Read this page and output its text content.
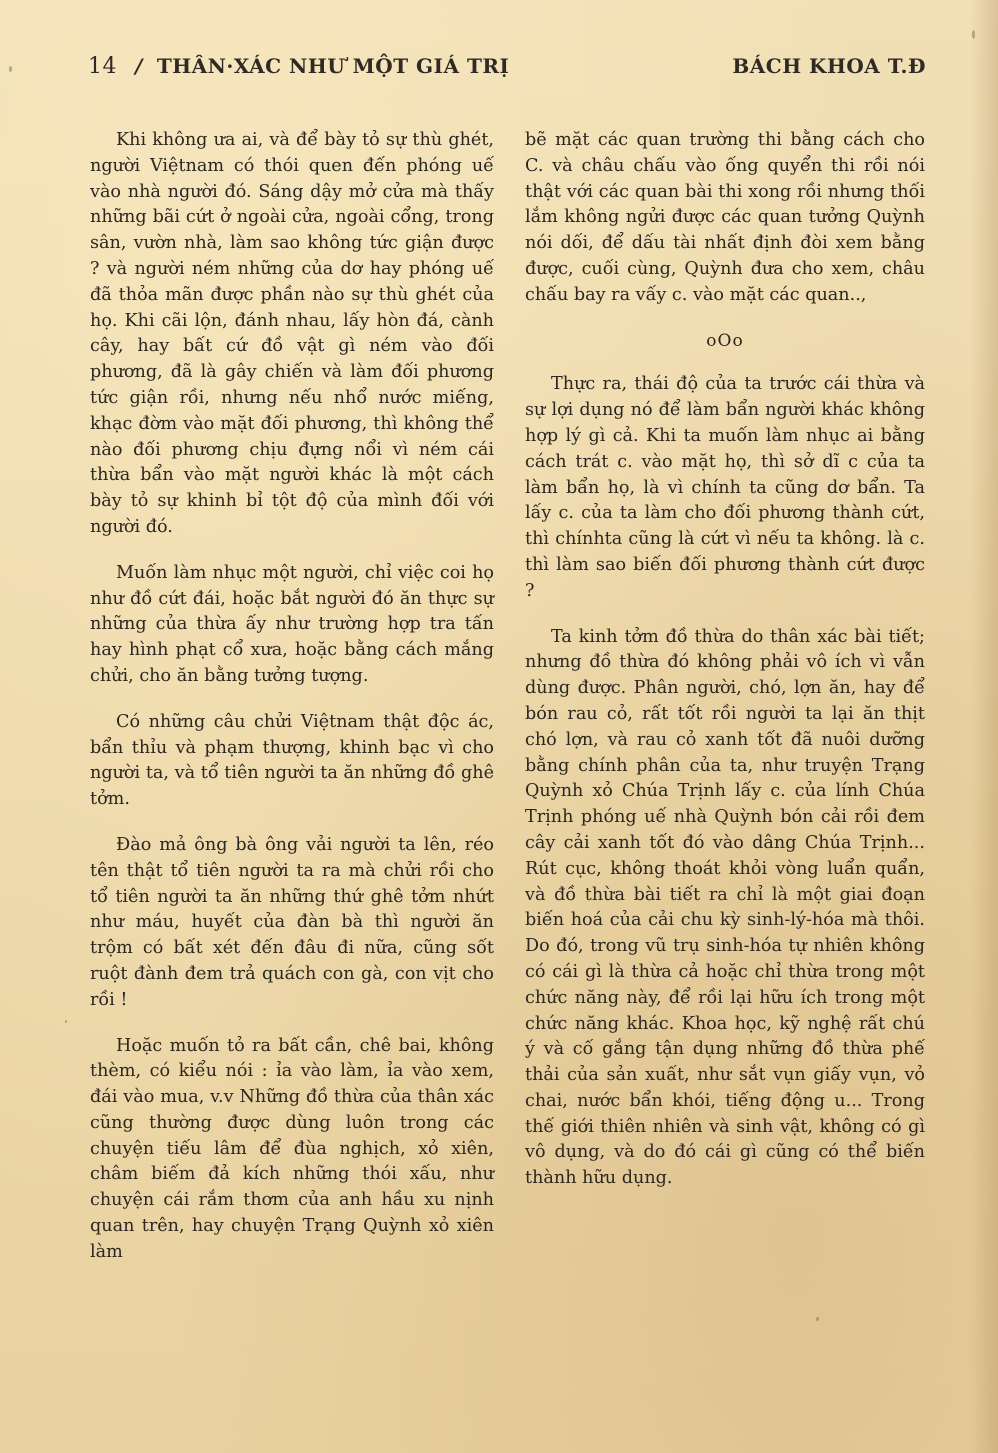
14 / THÂN·XÁC NHƯ MỘT GIÁ TRỊ	BÁCH KHOA T.Đ

Khi không ưa ai, và để bày tỏ sự thù ghét, người Việtnam có thói quen đến phóng uế vào nhà người đó. Sáng dậy mở cửa mà thấy những bãi cứt ở ngoài cửa, ngoài cổng, trong sân, vườn nhà, làm sao không tức giận được ? và người ném những của dơ hay phóng uế đã thỏa mãn được phần nào sự thù ghét của họ. Khi cãi lộn, đánh nhau, lấy hòn đá, cành cây, hay bất cứ đồ vật gì ném vào đối phương, đã là gây chiến và làm đối phương tức giận rồi, nhưng nếu nhổ nước miếng, khạc đờm vào mặt đối phương, thì không thể nào đối phương chịu đựng nổi vì ném cái thừa bẩn vào mặt người khác là một cách bày tỏ sự khinh bỉ tột độ của mình đối với người đó.

Muốn làm nhục một người, chỉ việc coi họ như đồ cứt đái, hoặc bắt người đó ăn thực sự những của thừa ấy như trường hợp tra tấn hay hình phạt cổ xưa, hoặc bằng cách mắng chửi, cho ăn bằng tưởng tượng.

Có những câu chửi Việtnam thật độc ác, bẩn thỉu và phạm thượng, khinh bạc vì cho người ta, và tổ tiên người ta ăn những đồ ghê tởm.

Đào mả ông bà ông vải người ta lên, réo tên thật tổ tiên người ta ra mà chửi rồi cho tổ tiên người ta ăn những thứ ghê tởm nhứt như máu, huyết của đàn bà thì người ăn trộm có bất xét đến đâu đi nữa, cũng sốt ruột đành đem trả quách con gà, con vịt cho rồi !

Hoặc muốn tỏ ra bất cần, chê bai, không thèm, có kiểu nói : ỉa vào làm, ỉa vào xem, đái vào mua, v.v Những đồ thừa của thân xác cũng thường được dùng luôn trong các chuyện tiếu lâm để đùa nghịch, xỏ xiên, châm biếm đả kích những thói xấu, như chuyện cái rắm thơm của anh hầu xu nịnh quan trên, hay chuyện Trạng Quỳnh xỏ xiên làm

bẽ mặt các quan trường thi bằng cách cho C. và châu chấu vào ống quyển thi rồi nói thật với các quan bài thi xong rồi nhưng thối lắm không ngửi được các quan tưởng Quỳnh nói dối, để dấu tài nhất định đòi xem bằng được, cuối cùng, Quỳnh đưa cho xem, châu chấu bay ra vấy c. vào mặt các quan..,

oOo

Thực ra, thái độ của ta trước cái thừa và sự lợi dụng nó để làm bẩn người khác không hợp lý gì cả. Khi ta muốn làm nhục ai bằng cách trát c. vào mặt họ, thì sở dĩ c của ta làm bẩn họ, là vì chính ta cũng dơ bẩn. Ta lấy c. của ta làm cho đối phương thành cứt, thì chínhta cũng là cứt vì nếu ta không. là c. thì làm sao biến đối phương thành cứt được ?

Ta kinh tởm đồ thừa do thân xác bài tiết; nhưng đồ thừa đó không phải vô ích vì vẫn dùng được. Phân người, chó, lợn ăn, hay để bón rau cỏ, rất tốt rồi người ta lại ăn thịt chó lợn, và rau cỏ xanh tốt đã nuôi dưỡng bằng chính phân của ta, như truyện Trạng Quỳnh xỏ Chúa Trịnh lấy c. của lính Chúa Trịnh phóng uế nhà Quỳnh bón cải rồi đem cây cải xanh tốt đó vào dâng Chúa Trịnh... Rút cục, không thoát khỏi vòng luẩn quẩn, và đồ thừa bài tiết ra chỉ là một giai đoạn biến hoá của cải chu kỳ sinh-lý-hóa mà thôi. Do đó, trong vũ trụ sinh-hóa tự nhiên không có cái gì là thừa cả hoặc chỉ thừa trong một chức năng này, để rồi lại hữu ích trong một chức năng khác. Khoa học, kỹ nghệ rất chú ý và cố gắng tận dụng những đồ thừa phế thải của sản xuất, như sắt vụn giấy vụn, vỏ chai, nước bẩn khói, tiếng động u... Trong thế giới thiên nhiên và sinh vật, không có gì vô dụng, và do đó cái gì cũng có thể biến thành hữu dụng.
